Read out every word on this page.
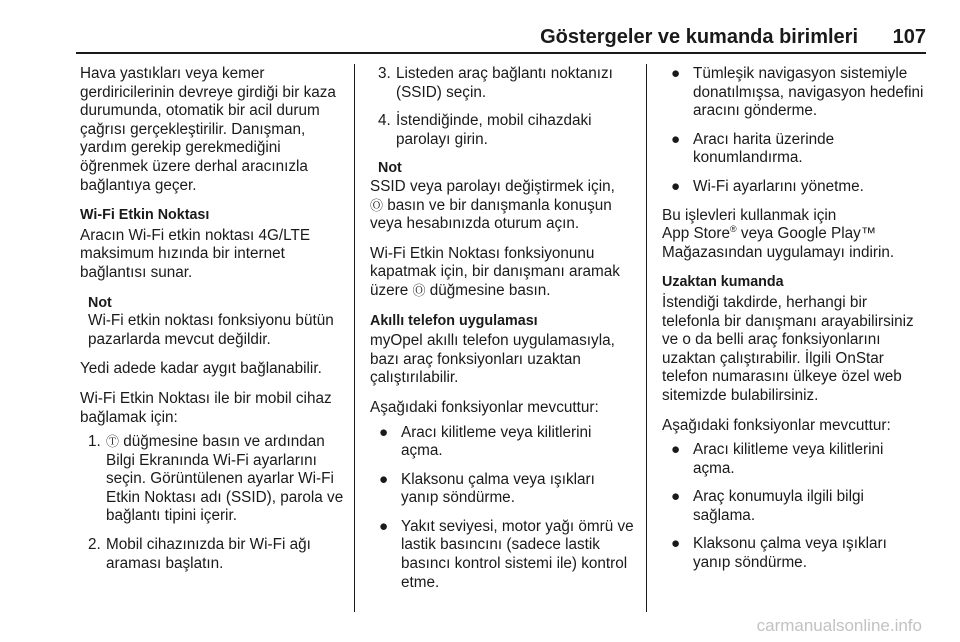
Göstergeler ve kumanda birimleri 107

Hava yastıkları veya kemer gerdiricilerinin devreye girdiği bir kaza durumunda, otomatik bir acil durum çağrısı gerçekleştirilir. Danışman, yardım gerekip gerekmediğini öğrenmek üzere derhal aracınızla bağlantıya geçer.

Wi-Fi Etkin Noktası

Aracın Wi-Fi etkin noktası 4G/LTE maksimum hızında bir internet bağlantısı sunar.

Not
Wi-Fi etkin noktası fonksiyonu bütün pazarlarda mevcut değildir.

Yedi adede kadar aygıt bağlanabilir.

Wi-Fi Etkin Noktası ile bir mobil cihaz bağlamak için:

1. Ⓣ düğmesine basın ve ardından Bilgi Ekranında Wi-Fi ayarlarını seçin. Görüntülenen ayarlar Wi-Fi Etkin Noktası adı (SSID), parola ve bağlantı tipini içerir.
2. Mobil cihazınızda bir Wi-Fi ağı araması başlatın.
3. Listeden araç bağlantı noktanızı (SSID) seçin.
4. İstendiğinde, mobil cihazdaki parolayı girin.
Not
SSID veya parolayı değiştirmek için,
Ⓞ basın ve bir danışmanla konuşun veya hesabınızda oturum açın.

Wi-Fi Etkin Noktası fonksiyonunu kapatmak için, bir danışmanı aramak üzere Ⓞ düğmesine basın.

Akıllı telefon uygulaması

myOpel akıllı telefon uygulamasıyla, bazı araç fonksiyonları uzaktan çalıştırılabilir.

Aşağıdaki fonksiyonlar mevcuttur:

● Aracı kilitleme veya kilitlerini açma.
● Klaksonu çalma veya ışıkları yanıp söndürme.
● Yakıt seviyesi, motor yağı ömrü ve lastik basıncını (sadece lastik basıncı kontrol sistemi ile) kontrol etme.
● Tümleşik navigasyon sistemiyle donatılmışsa, navigasyon hedefini aracını gönderme.
● Aracı harita üzerinde konumlandırma.
● Wi-Fi ayarlarını yönetme.

Bu işlevleri kullanmak için
App Store® veya Google Play™
Mağazasından uygulamayı indirin.

Uzaktan kumanda

İstendiği takdirde, herhangi bir telefonla bir danışmanı arayabilirsiniz ve o da belli araç fonksiyonlarını uzaktan çalıştırabilir. İlgili OnStar telefon numarasını ülkeye özel web sitemizde bulabilirsiniz.

Aşağıdaki fonksiyonlar mevcuttur:

● Aracı kilitleme veya kilitlerini açma.
● Araç konumuyla ilgili bilgi sağlama.
● Klaksonu çalma veya ışıkları yanıp söndürme.
carmanualsonline.info
